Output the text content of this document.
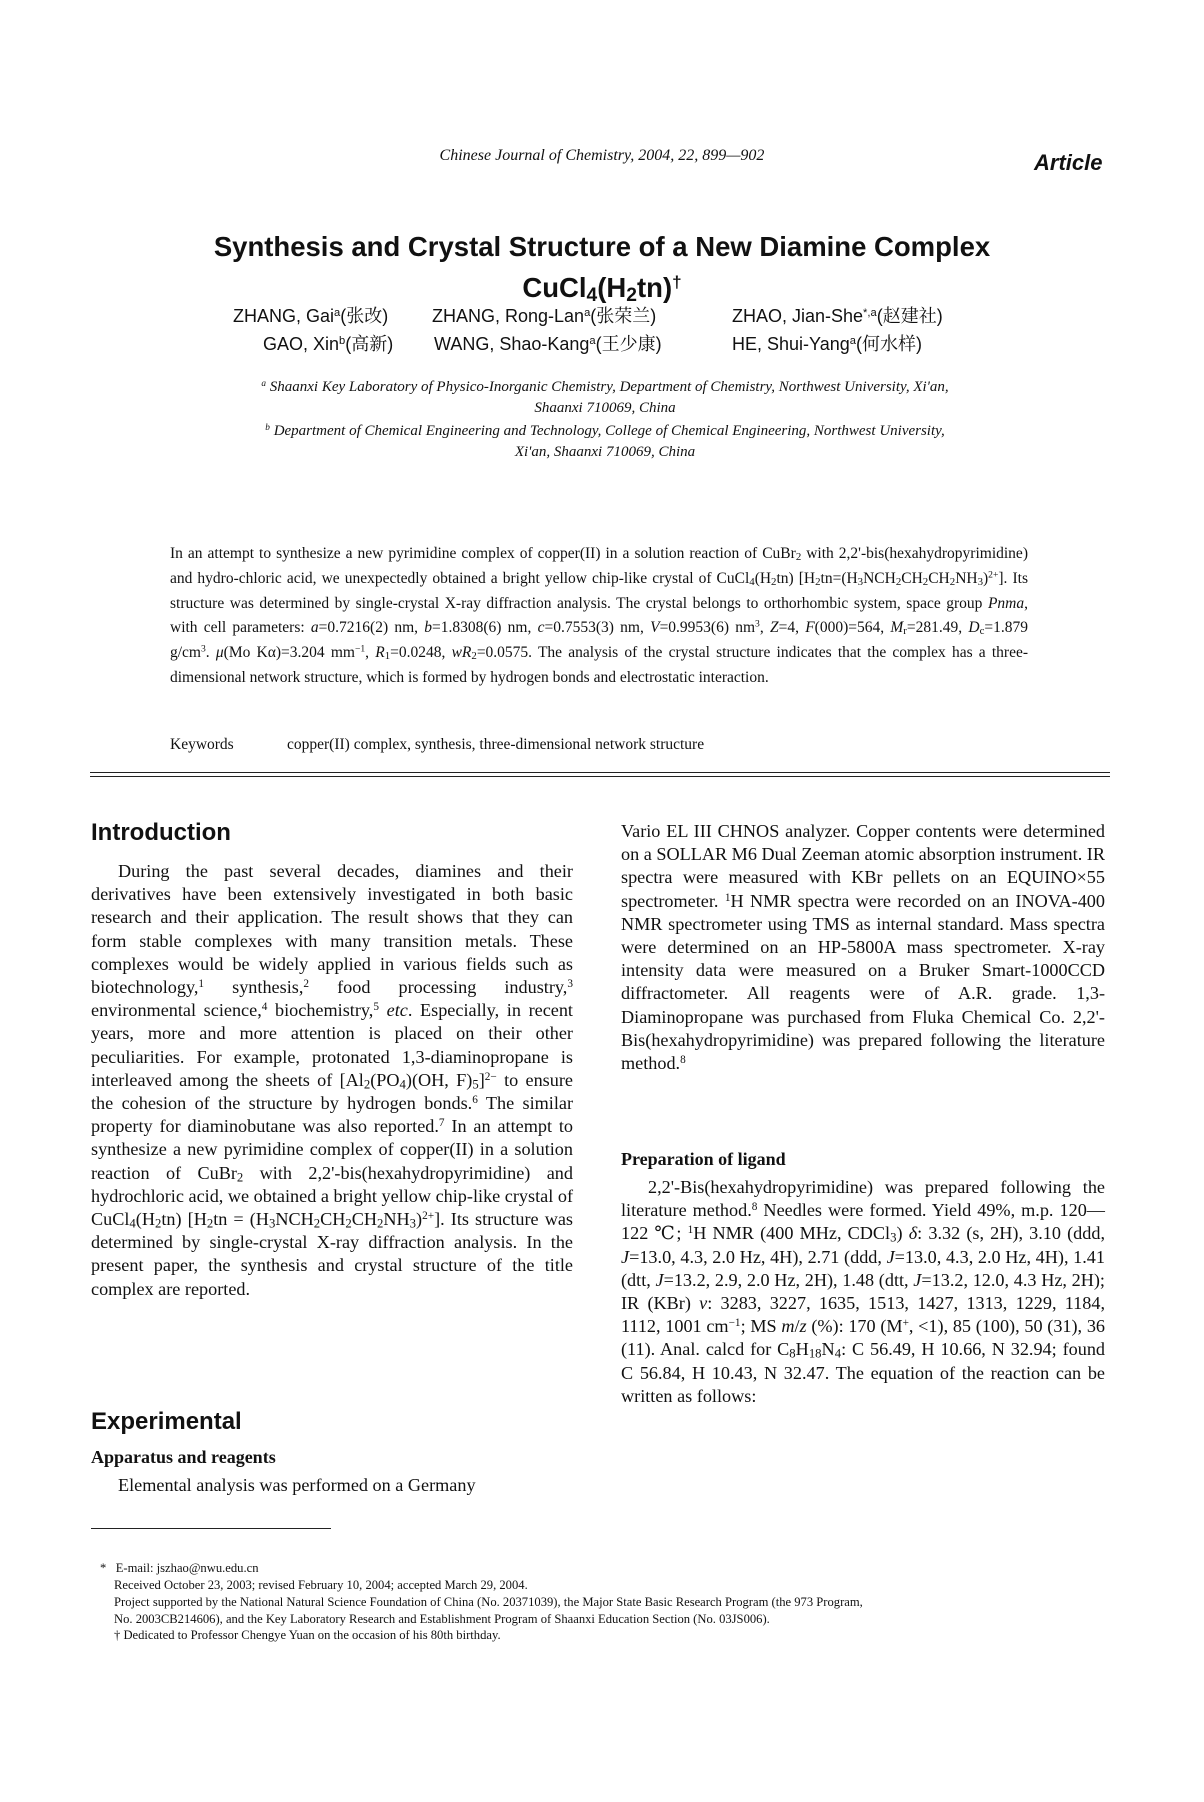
Chinese Journal of Chemistry, 2004, 22, 899—902	Article
Synthesis and Crystal Structure of a New Diamine Complex
$CuCl_4(H_2tn)^\dagger$
ZHANG, Gai$^a$(张改) ZHANG, Rong-Lan$^a$(张荣兰)	ZHAO, Jian-She$^{*,a}$(赵建社)
GAO, Xin$^b$(高新) WANG, Shao-Kang$^a$(王少康)	HE, Shui-Yang$^a$(何水样)
$^a$ Shaanxi Key Laboratory of Physico-Inorganic Chemistry, Department of Chemistry, Northwest University, Xi'an,
Shaanxi 710069, China
$^b$ Department of Chemical Engineering and Technology, College of Chemical Engineering, Northwest University,
Xi'an, Shaanxi 710069, China
In an attempt to synthesize a new pyrimidine complex of copper(II) in a solution reaction of CuBr$_2$ with 2,2'-bis(hexahydropyrimidine) and hydro-chloric acid, we unexpectedly obtained a bright yellow chip-like crystal of $CuCl_4(H_2tn)$ $[H_2tn=(H_3NCH_2CH_2CH_2NH_3)^{2+}]$. Its structure was determined by single-crystal X-ray diffraction analysis. The crystal belongs to orthorhombic system, space group Pnma, with cell parameters: a=0.7216(2) nm, b=1.8308(6) nm, c=0.7553(3) nm, V=0.9953(6) $nm^3$, Z=4, F(000)=564, $M_r=281.49$, $D_c=1.879$ $g/cm^3$. μ(Mo Kα)=3.204 $mm^{-1}$, $R_1=0.0248$, $wR_2=0.0575$. The analysis of the crystal structure indicates that the complex has a three-dimensional network structure, which is formed by hydrogen bonds and electrostatic interaction.
Keywords	copper(II) complex, synthesis, three-dimensional network structure
Introduction

During the past several decades, diamines and their derivatives have been extensively investigated in both basic research and their application. The result shows that they can form stable complexes with many transition metals. These complexes would be widely applied in various fields such as biotechnology,$^1$ synthesis,$^2$ food processing industry,$^3$ environmental science,$^4$ biochemistry,$^5$ etc. Especially, in recent years, more and more attention is placed on their other peculiarities. For example, protonated 1,3-diaminopropane is interleaved among the sheets of [$Al_2(PO_4)(OH$, $F)_5]^{2-}$ to ensure the cohesion of the structure by hydrogen bonds.$^6$ The similar property for diaminobutane was also reported.$^7$ In an attempt to synthesize a new pyrimidine complex of copper(II) in a solution reaction of CuBr$_2$ with 2,2'-bis(hexahydropyrimidine) and hydrochloric acid, we obtained a bright yellow chip-like crystal of $CuCl_4(H_2tn) [H_2tn = (H_3NCH_2CH_2CH_2NH_3)^{2+}]$. Its structure was determined by single-crystal X-ray diffraction analysis. In the present paper, the synthesis and crystal structure of the title complex are reported.

Experimental
Apparatus and reagents

Elemental analysis was performed on a Germany

Vario EL III CHNOS analyzer. Copper contents were determined on a SOLLAR M6 Dual Zeeman atomic absorption instrument. IR spectra were measured with KBr pellets on an EQUINO×55 spectrometer. $^1$H NMR spectra were recorded on an INOVA-400 NMR spectrometer using TMS as internal standard. Mass spectra were determined on an HP-5800A mass spectrometer. X-ray intensity data were measured on a Bruker Smart-1000CCD diffractometer. All reagents were of A.R. grade. 1,3-Diaminopropane was purchased from Fluka Chemical Co. 2,2'-Bis(hexahydropyrimidine) was prepared following the literature method.$^8$

Preparation of ligand

2,2'-Bis(hexahydropyrimidine) was prepared following the literature method.$^8$ Needles were formed. Yield 49%, m.p. 120—122 ℃; $^1$H NMR (400 MHz, CDCl$_3$) δ: 3.32 (s, 2H), 3.10 (ddd, J=13.0, 4.3, 2.0 Hz, 4H), 2.71 (ddd, J=13.0, 4.3, 2.0 Hz, 4H), 1.41 (dtt, J=13.2, 2.9, 2.0 Hz, 2H), 1.48 (dtt, J=13.2, 12.0, 4.3 Hz, 2H); IR (KBr) ν: 3283, 3227, 1635, 1513, 1427, 1313, 1229, 1184, 1112, 1001 $cm^{-1}$; MS m/z (%): 170 (M+, <1), 85 (100), 50 (31), 36 (11). Anal. calcd for $C_8H_{18}N_4$: C 56.49, H 10.66, N 32.94; found C 56.84, H 10.43, N 32.47. The equation of the reaction can be written as follows:

*   E-mail: jszhao@nwu.edu.cn
Received October 23, 2003; revised February 10, 2004; accepted March 29, 2004.
Project supported by the National Natural Science Foundation of China (No. 20371039), the Major State Basic Research Program (the 973 Program,
No. 2003CB214606), and the Key Laboratory Research and Establishment Program of Shaanxi Education Section (No. 03JS006).
† Dedicated to Professor Chengye Yuan on the occasion of his 80th birthday.
